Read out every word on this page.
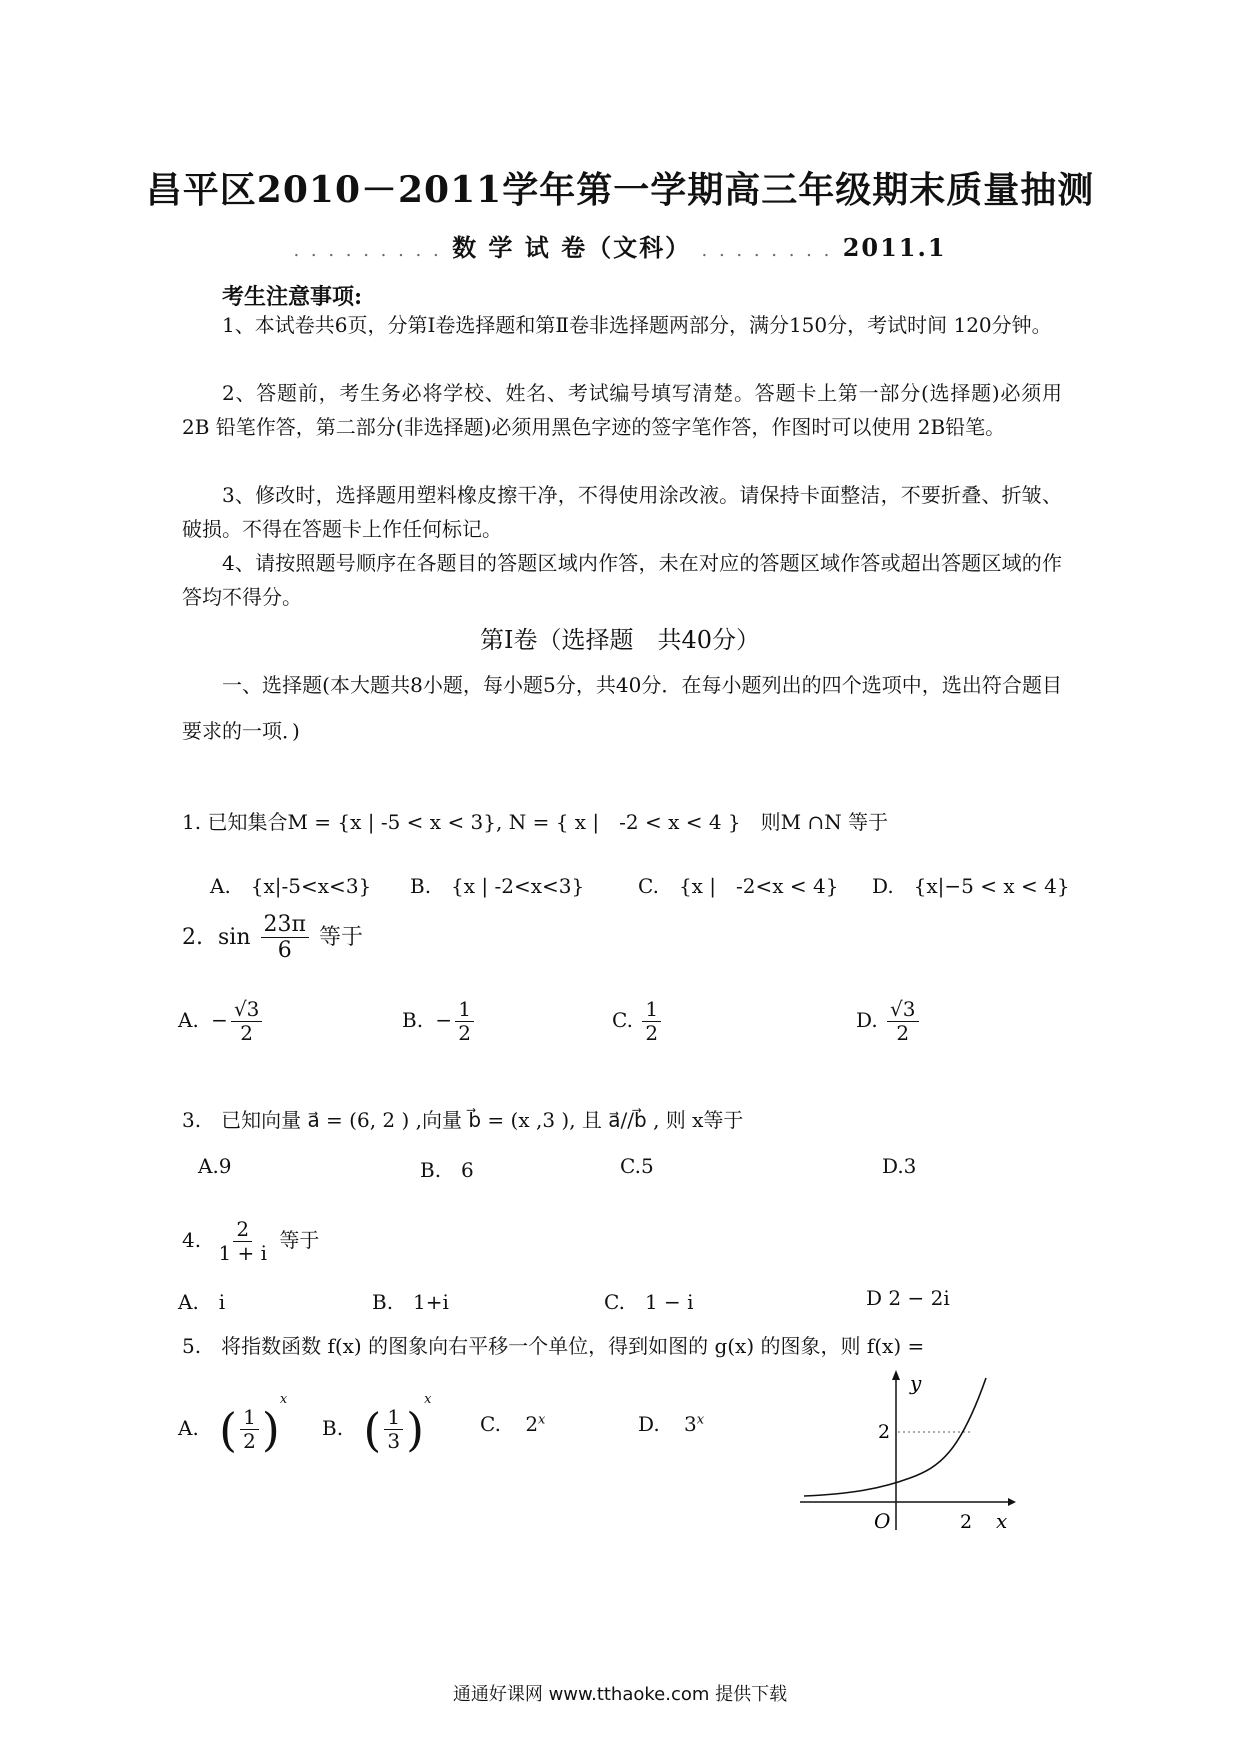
昌平区2010－2011学年第一学期高三年级期末质量抽测
. . . . . . . . . 数 学 试 卷（文科） . . . . . . . . 2011.1
考生注意事项:
1、本试卷共6页，分第Ⅰ卷选择题和第Ⅱ卷非选择题两部分，满分150分，考试时间 120分钟。
2、答题前，考生务必将学校、姓名、考试编号填写清楚。答题卡上第一部分(选择题)必须用 2B 铅笔作答，第二部分(非选择题)必须用黑色字迹的签字笔作答，作图时可以使用 2B铅笔。
3、修改时，选择题用塑料橡皮擦干净，不得使用涂改液。请保持卡面整洁，不要折叠、折皱、破损。不得在答题卡上作任何标记。
4、请按照题号顺序在各题目的答题区域内作答，未在对应的答题区域作答或超出答题区域的作答均不得分。
第Ⅰ卷（选择题　共40分）
一、选择题(本大题共8小题，每小题5分，共40分．在每小题列出的四个选项中，选出符合题目要求的一项．)
1. 已知集合M = {x | -5 < x < 3}, N = { x |　-2 < x < 4 }　则M ∩N 等于
A.　{x|-5<x<3} B.　{x | -2<x<3}	C.　{x |　-2<x < 4} D.　{x|−5 < x < 4}
2. $\sin \frac{23\pi}{6}$ 等于
A. − $\frac{√3}{2}$	B. − $\frac{1}{2}$	C. $\frac{1}{2}$	D. $\frac{√3}{2}$
3.　已知向量 a⃗ = (6, 2 ) ,向量 b⃗ = (x ,3 ), 且 a⃗//b⃗ , 则 x等于
A.9	B.　6	C.5	D.3
4. $\frac{2}{1 + i}$ 等于
A.　i	B.　1+i	C.　1 − i	D 2 − 2i
5.　将指数函数 f(x) 的图象向右平移一个单位，得到如图的 g(x) 的图象，则 f(x) =
A. ( $\frac{1}{2} )^x$
B. ( $\frac{1}{3} )^x$
C. 2$^x$	D. 3$^x$
y
x
O
2
2
通通好课网 www.tthaoke.com 提供下载
